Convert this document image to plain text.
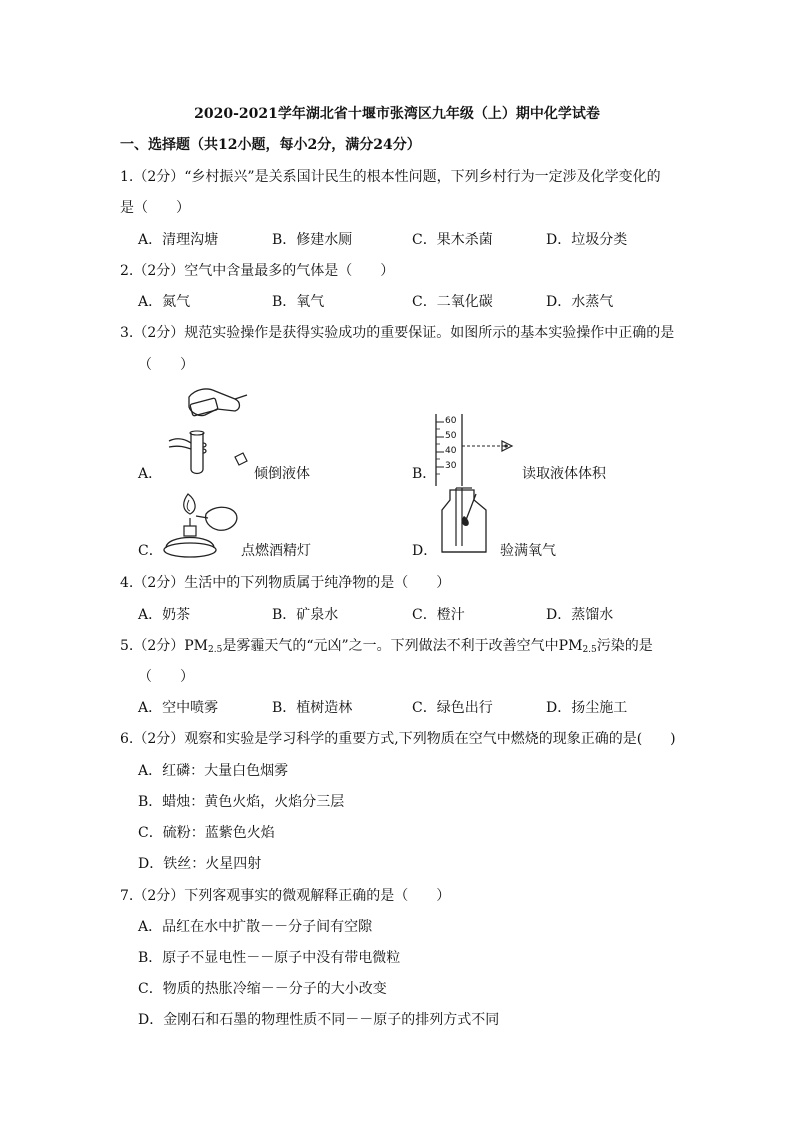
2020-2021学年湖北省十堰市张湾区九年级（上）期中化学试卷
一、选择题（共12小题，每小2分，满分24分）
1.（2分）“乡村振兴”是关系国计民生的根本性问题，下列乡村行为一定涉及化学变化的
是（　　）
A．清理沟塘	B．修建水厕	C．果木杀菌	D．垃圾分类
2.（2分）空气中含量最多的气体是（　　）
A．氮气	B．氧气	C．二氧化碳	D．水蒸气
3.（2分）规范实验操作是获得实验成功的重要保证。如图所示的基本实验操作中正确的是
（　　）
A．	倾倒液体
60
50
40
30
B．	读取液体体积
C．	点燃酒精灯	D．	验满氧气
4.（2分）生活中的下列物质属于纯净物的是（　　）
A．奶茶	B．矿泉水	C．橙汁	D．蒸馏水
5.（2分）$PM_{2.5}$是雾霾天气的“元凶”之一。下列做法不利于改善空气中$PM_{2.5}$污染的是
（　　）
A．空中喷雾	B．植树造林	C．绿色出行	D．扬尘施工
6.（2分）观察和实验是学习科学的重要方式,下列物质在空气中燃烧的现象正确的是(　　)
A．红磷：大量白色烟雾
B．蜡烛：黄色火焰，火焰分三层
C．硫粉：蓝紫色火焰
D．铁丝：火星四射
7.（2分）下列客观事实的微观解释正确的是（　　）
A．品红在水中扩散－－分子间有空隙
B．原子不显电性－－原子中没有带电微粒
C．物质的热胀冷缩－－分子的大小改变
D．金刚石和石墨的物理性质不同－－原子的排列方式不同
